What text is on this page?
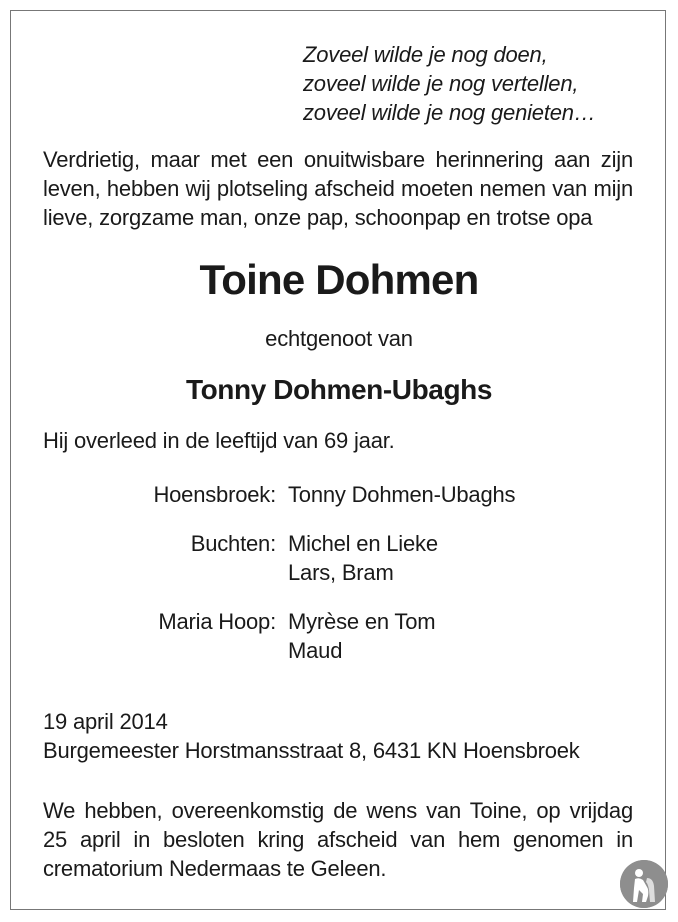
Zoveel wilde je nog doen,
zoveel wilde je nog vertellen,
zoveel wilde je nog genieten…
Verdrietig, maar met een onuitwisbare herinnering aan zijn leven, hebben wij plotseling afscheid moeten nemen van mijn lieve, zorgzame man, onze pap, schoonpap en trotse opa
Toine Dohmen
echtgenoot van
Tonny Dohmen-Ubaghs
Hij overleed in de leeftijd van 69 jaar.
Hoensbroek: Tonny Dohmen-Ubaghs
Buchten: Michel en Lieke
Lars, Bram
Maria Hoop: Myrèse en Tom
Maud
19 april 2014
Burgemeester Horstmansstraat 8, 6431 KN Hoensbroek
We hebben, overeenkomstig de wens van Toine, op vrijdag 25 april in besloten kring afscheid van hem genomen in crematorium Nedermaas te Geleen.
